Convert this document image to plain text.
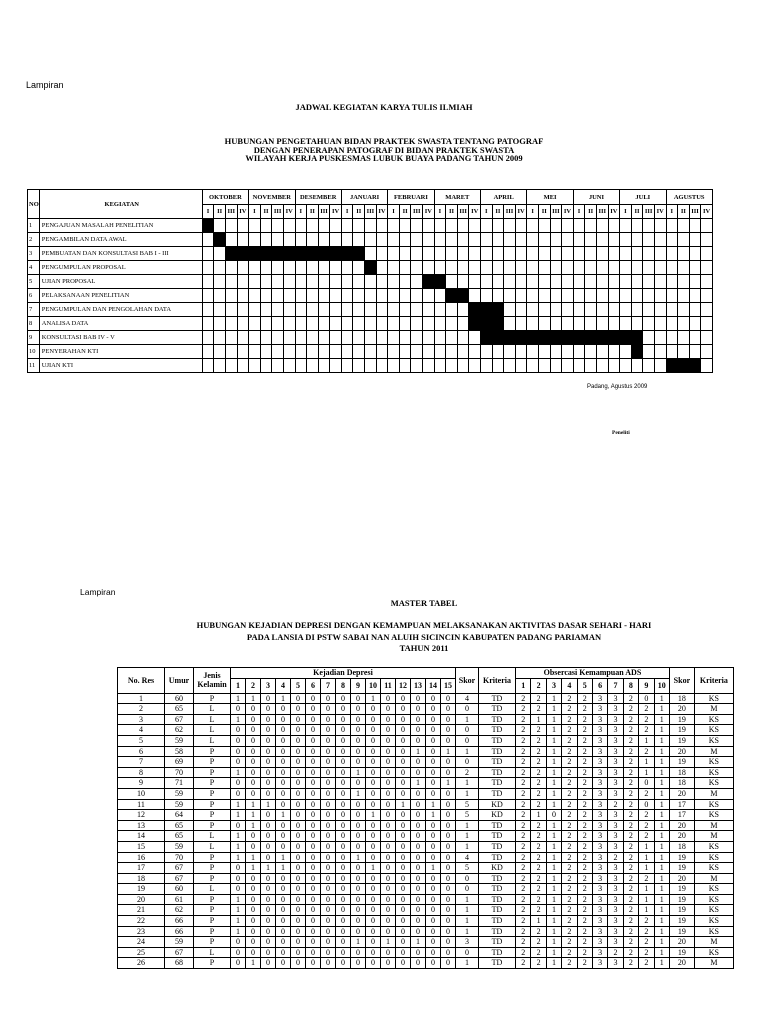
Lampiran
JADWAL KEGIATAN KARYA TULIS ILMIAH
HUBUNGAN PENGETAHUAN BIDAN PRAKTEK SWASTA TENTANG PATOGRAF
DENGAN PENERAPAN PATOGRAF DI BIDAN PRAKTEK SWASTA
WILAYAH KERJA PUSKESMAS LUBUK BUAYA PADANG TAHUN 2009
NO	KEGIATAN	OKTOBER				NOVEMBER				DESEMBER				JANUARI				FEBRUARI				MARET				APRIL				MEI				JUNI				JULI				AGUSTUS			
		I	II	III	IV	I	II	III	IV	I	II	III	IV	I	II	III	IV	I	II	III	IV	I	II	III	IV	I	II	III	IV	I	II	III	IV	I	II	III	IV	I	II	III	IV	I	II	III	IV
1	PENGAJUAN MASALAH PENELITIAN																																												
2	PENGAMBILAN DATA AWAL																																												
3	PEMBUATAN DAN KONSULTASI BAB I - III																																												
4	PENGUMPULAN PROPOSAL																																												
5	UJIAN PROPOSAL																																												
6	PELAKSANAAN PENELITIAN																																												
7	PENGUMPULAN DAN PENGOLAHAN DATA																																												
8	ANALISA DATA																																												
9	KONSULTASI BAB IV - V																																												
10	PENYERAHAN KTI																																												
11	UJIAN KTI																																												
Padang, Agustus 2009
Peneliti
Lampiran
MASTER TABEL
HUBUNGAN KEJADIAN DEPRESI DENGAN KEMAMPUAN MELAKSANAKAN AKTIVITAS DASAR SEHARI - HARI
PADA LANSIA DI PSTW SABAI NAN ALUIH SICINCIN KABUPATEN PADANG PARIAMAN
TAHUN 2011
No. Res	Umur	Jenis Kelamin	Kejadian Depresi															Skor	Kriteria	Obsercasi Kemampuan ADS										Skor	Kriteria
			1	2	3	4	5	6	7	8	9	10	11	12	13	14	15			1	2	3	4	5	6	7	8	9	10		
1	60	P	1	1	0	1	0	0	0	0	0	1	0	0	0	0	0	4	TD	2	2	1	2	2	3	3	2	0	1	18	KS
2	65	L	0	0	0	0	0	0	0	0	0	0	0	0	0	0	0	0	TD	2	2	1	2	2	3	3	2	2	1	20	M
3	67	L	1	0	0	0	0	0	0	0	0	0	0	0	0	0	0	1	TD	2	1	1	2	2	3	3	2	2	1	19	KS
4	62	L	0	0	0	0	0	0	0	0	0	0	0	0	0	0	0	0	TD	2	2	1	2	2	3	3	2	2	1	19	KS
5	59	L	0	0	0	0	0	0	0	0	0	0	0	0	0	0	0	0	TD	2	2	1	2	2	3	3	2	1	1	19	KS
6	58	P	0	0	0	0	0	0	0	0	0	0	0	0	1	0	1	1	TD	2	2	1	2	2	3	3	2	2	1	20	M
7	69	P	0	0	0	0	0	0	0	0	0	0	0	0	0	0	0	0	TD	2	2	1	2	2	3	3	2	1	1	19	KS
8	70	P	1	0	0	0	0	0	0	0	1	0	0	0	0	0	0	2	TD	2	2	1	2	2	3	3	2	1	1	18	KS
9	71	P	0	0	0	0	0	0	0	0	0	0	0	0	1	0	1	1	TD	2	2	1	2	2	3	3	2	0	1	18	KS
10	59	P	0	0	0	0	0	0	0	0	1	0	0	0	0	0	0	1	TD	2	2	1	2	2	3	3	2	2	1	20	M
11	59	P	1	1	1	0	0	0	0	0	0	0	0	1	0	1	0	5	KD	2	2	1	2	2	3	2	2	0	1	17	KS
12	64	P	1	1	0	1	0	0	0	0	0	1	0	0	0	1	0	5	KD	2	1	0	2	2	3	3	2	2	1	17	KS
13	65	P	0	1	0	0	0	0	0	0	0	0	0	0	0	0	0	1	TD	2	2	1	2	2	3	3	2	2	1	20	M
14	65	L	1	0	0	0	0	0	0	0	0	0	0	0	0	0	0	1	TD	2	2	1	2	2	3	3	2	2	1	20	M
15	59	L	1	0	0	0	0	0	0	0	0	0	0	0	0	0	0	1	TD	2	2	1	2	2	3	3	2	1	1	18	KS
16	70	P	1	1	0	1	0	0	0	0	1	0	0	0	0	0	0	4	TD	2	2	1	2	2	3	2	2	1	1	19	KS
17	67	P	0	1	1	1	0	0	0	0	0	1	0	0	0	1	0	5	KD	2	2	1	2	2	3	3	2	1	1	19	KS
18	67	P	0	0	0	0	0	0	0	0	0	0	0	0	0	0	0	0	TD	2	2	1	2	2	3	3	2	2	1	20	M
19	60	L	0	0	0	0	0	0	0	0	0	0	0	0	0	0	0	0	TD	2	2	1	2	2	3	3	2	1	1	19	KS
20	61	P	1	0	0	0	0	0	0	0	0	0	0	0	0	0	0	1	TD	2	2	1	2	2	3	3	2	1	1	19	KS
21	62	P	1	0	0	0	0	0	0	0	0	0	0	0	0	0	0	1	TD	2	2	1	2	2	3	3	2	1	1	19	KS
22	66	P	1	0	0	0	0	0	0	0	0	0	0	0	0	0	0	1	TD	2	1	1	2	2	3	3	2	2	1	19	KS
23	66	P	1	0	0	0	0	0	0	0	0	0	0	0	0	0	0	1	TD	2	2	1	2	2	3	3	2	2	1	19	KS
24	59	P	0	0	0	0	0	0	0	0	1	0	1	0	1	0	0	3	TD	2	2	1	2	2	3	3	2	2	1	20	M
25	67	L	0	0	0	0	0	0	0	0	0	0	0	0	0	0	0	0	TD	2	2	1	2	2	3	2	2	2	1	19	KS
26	68	P	0	1	0	0	0	0	0	0	0	0	0	0	0	0	0	1	TD	2	2	1	2	2	3	3	2	2	1	20	M
